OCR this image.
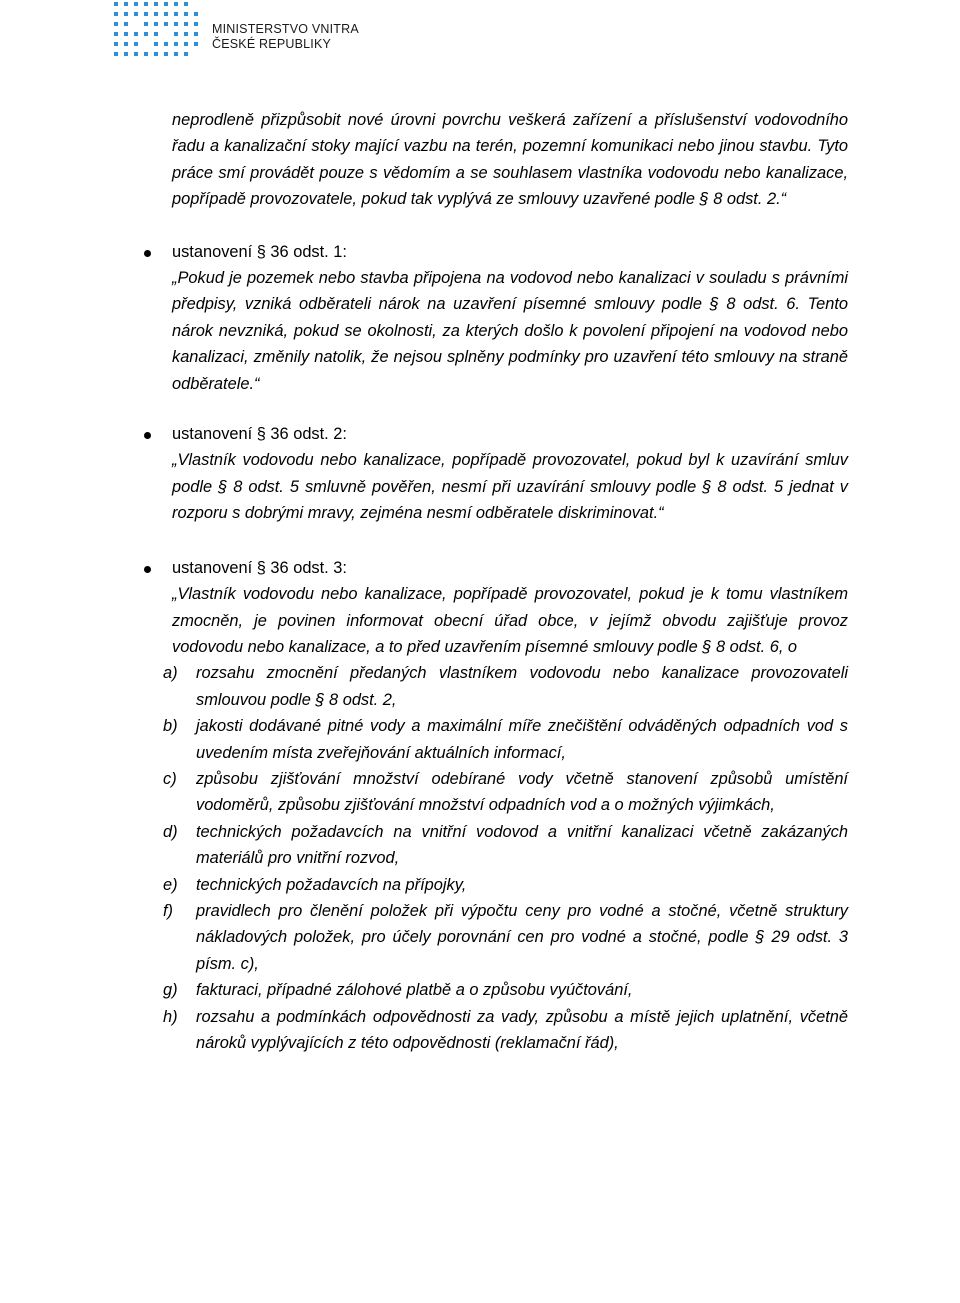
MINISTERSTVO VNITRA
ČESKÉ REPUBLIKY
neprodleně přizpůsobit nové úrovni povrchu veškerá zařízení a příslušenství vodovodního řadu a kanalizační stoky mající vazbu na terén, pozemní komunikaci nebo jinou stavbu. Tyto práce smí provádět pouze s vědomím a se souhlasem vlastníka vodovodu nebo kanalizace, popřípadě provozovatele, pokud tak vyplývá ze smlouvy uzavřené podle § 8 odst. 2.“
ustanovení § 36 odst. 1:
„Pokud je pozemek nebo stavba připojena na vodovod nebo kanalizaci v souladu s právními předpisy, vzniká odběrateli nárok na uzavření písemné smlouvy podle § 8 odst. 6. Tento nárok nevzniká, pokud se okolnosti, za kterých došlo k povolení připojení na vodovod nebo kanalizaci, změnily natolik, že nejsou splněny podmínky pro uzavření této smlouvy na straně odběratele.“
ustanovení § 36 odst. 2:
„Vlastník vodovodu nebo kanalizace, popřípadě provozovatel, pokud byl k uzavírání smluv podle § 8 odst. 5 smluvně pověřen, nesmí při uzavírání smlouvy podle § 8 odst. 5 jednat v rozporu s dobrými mravy, zejména nesmí odběratele diskriminovat.“
ustanovení § 36 odst. 3:
„Vlastník vodovodu nebo kanalizace, popřípadě provozovatel, pokud je k tomu vlastníkem zmocněn, je povinen informovat obecní úřad obce, v jejímž obvodu zajišťuje provoz vodovodu nebo kanalizace, a to před uzavřením písemné smlouvy podle § 8 odst. 6, o
a) rozsahu zmocnění předaných vlastníkem vodovodu nebo kanalizace provozovateli smlouvou podle § 8 odst. 2,
b) jakosti dodávané pitné vody a maximální míře znečištění odváděných odpadních vod s uvedením místa zveřejňování aktuálních informací,
c) způsobu zjišťování množství odebírané vody včetně stanovení způsobů umístění vodoměrů, způsobu zjišťování množství odpadních vod a o možných výjimkách,
d) technických požadavcích na vnitřní vodovod a vnitřní kanalizaci včetně zakázaných materiálů pro vnitřní rozvod,
e) technických požadavcích na přípojky,
f) pravidlech pro členění položek při výpočtu ceny pro vodné a stočné, včetně struktury nákladových položek, pro účely porovnání cen pro vodné a stočné, podle § 29 odst. 3 písm. c),
g) fakturaci, případné zálohové platbě a o způsobu vyúčtování,
h) rozsahu a podmínkách odpovědnosti za vady, způsobu a místě jejich uplatnění, včetně nároků vyplývajících z této odpovědnosti (reklamační řád),
